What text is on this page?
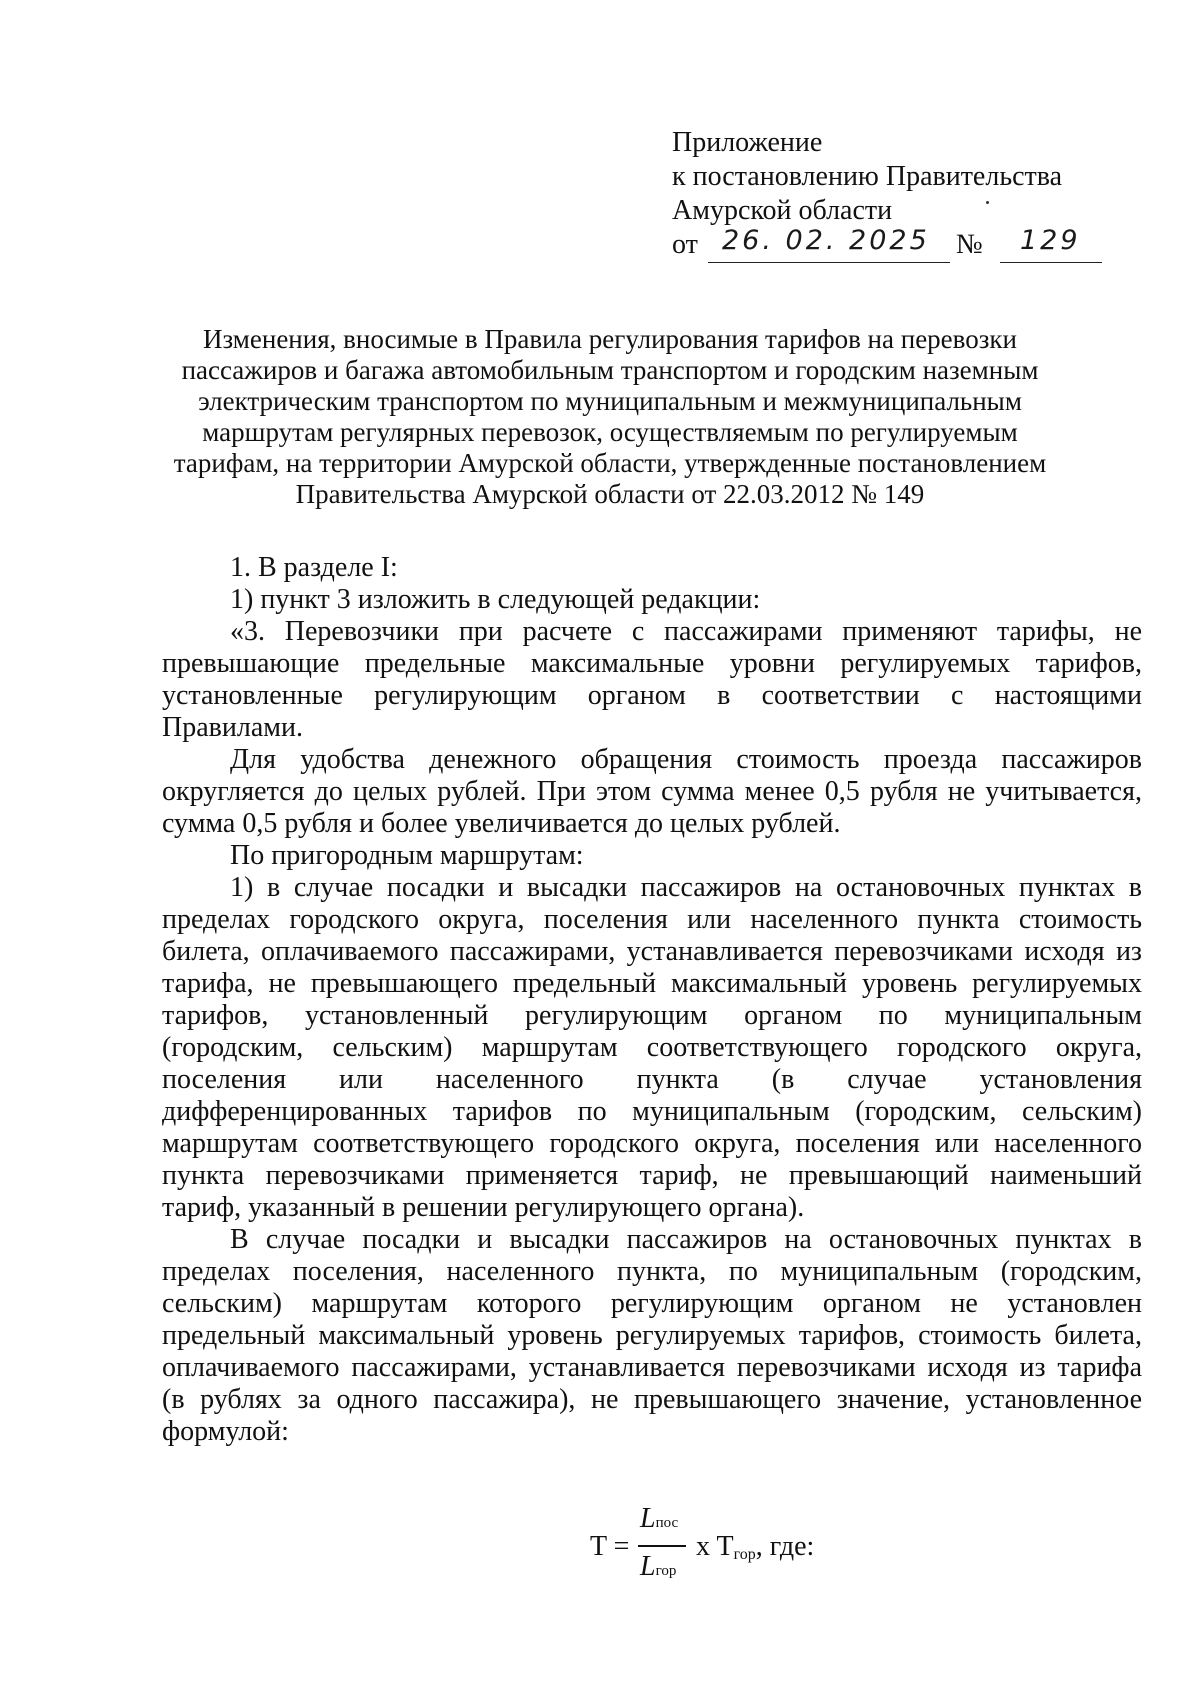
Приложение
к постановлению Правительства
Амурской области
от 26. 02. 2025 № 129
Изменения, вносимые в Правила регулирования тарифов на перевозки
пассажиров и багажа автомобильным транспортом и городским наземным
электрическим транспортом по муниципальным и межмуниципальным
маршрутам регулярных перевозок, осуществляемым по регулируемым
тарифам, на территории Амурской области, утвержденные постановлением
Правительства Амурской области от 22.03.2012 № 149
1. В разделе I:
1) пункт 3 изложить в следующей редакции:
«3. Перевозчики при расчете с пассажирами применяют тарифы, не
превышающие предельные максимальные уровни регулируемых тарифов,
установленные регулирующим органом в соответствии с настоящими
Правилами.
Для удобства денежного обращения стоимость проезда пассажиров
округляется до целых рублей. При этом сумма менее 0,5 рубля не учитывается,
сумма 0,5 рубля и более увеличивается до целых рублей.
По пригородным маршрутам:
1) в случае посадки и высадки пассажиров на остановочных пунктах в
пределах городского округа, поселения или населенного пункта стоимость
билета, оплачиваемого пассажирами, устанавливается перевозчиками исходя из
тарифа, не превышающего предельный максимальный уровень регулируемых
тарифов, установленный регулирующим органом по муниципальным
(городским, сельским) маршрутам соответствующего городского округа,
поселения или населенного пункта (в случае установления
дифференцированных тарифов по муниципальным (городским, сельским)
маршрутам соответствующего городского округа, поселения или населенного
пункта перевозчиками применяется тариф, не превышающий наименьший
тариф, указанный в решении регулирующего органа).
В случае посадки и высадки пассажиров на остановочных пунктах в
пределах поселения, населенного пункта, по муниципальным (городским,
сельским) маршрутам которого регулирующим органом не установлен
предельный максимальный уровень регулируемых тарифов, стоимость билета,
оплачиваемого пассажирами, устанавливается перевозчиками исходя из тарифа
(в рублях за одного пассажира), не превышающего значение, установленное
формулой:
T =
Lпос
Lгор
x Tгор, где:
